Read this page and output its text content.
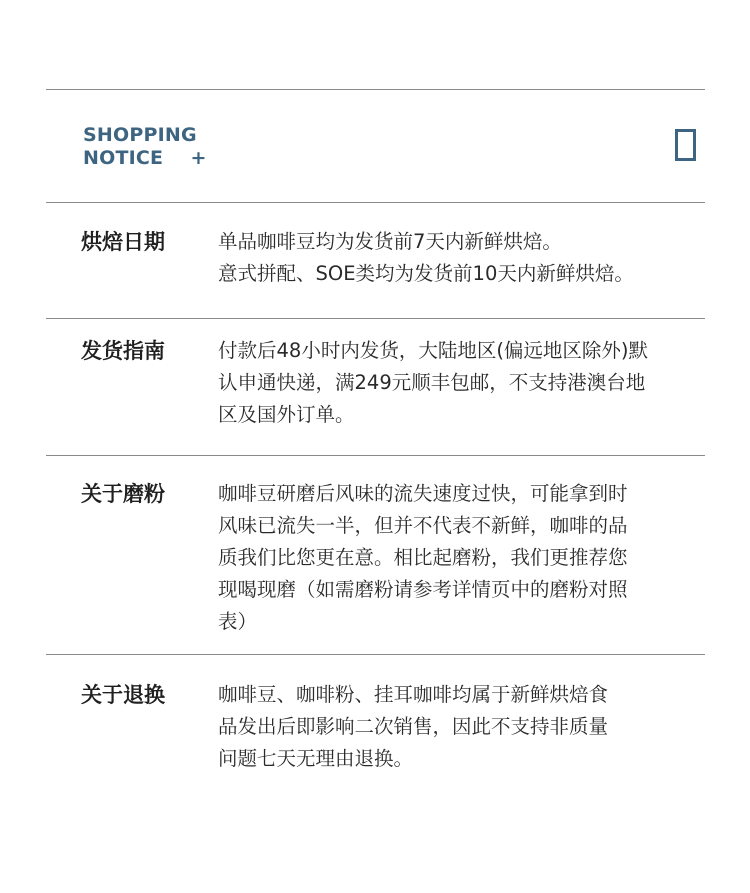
SHOPPING
NOTICE    +
烘焙日期	单品咖啡豆均为发货前7天内新鲜烘焙。
意式拼配、SOE类均为发货前10天内新鲜烘焙。
发货指南	付款后48小时内发货，大陆地区(偏远地区除外)默
认申通快递，满249元顺丰包邮，不支持港澳台地
区及国外订单。
关于磨粉	咖啡豆研磨后风味的流失速度过快，可能拿到时
风味已流失一半，但并不代表不新鲜，咖啡的品
质我们比您更在意。相比起磨粉，我们更推荐您
现喝现磨（如需磨粉请参考详情页中的磨粉对照
表）
关于退换	咖啡豆、咖啡粉、挂耳咖啡均属于新鲜烘焙食
品发出后即影响二次销售，因此不支持非质量
问题七天无理由退换。
